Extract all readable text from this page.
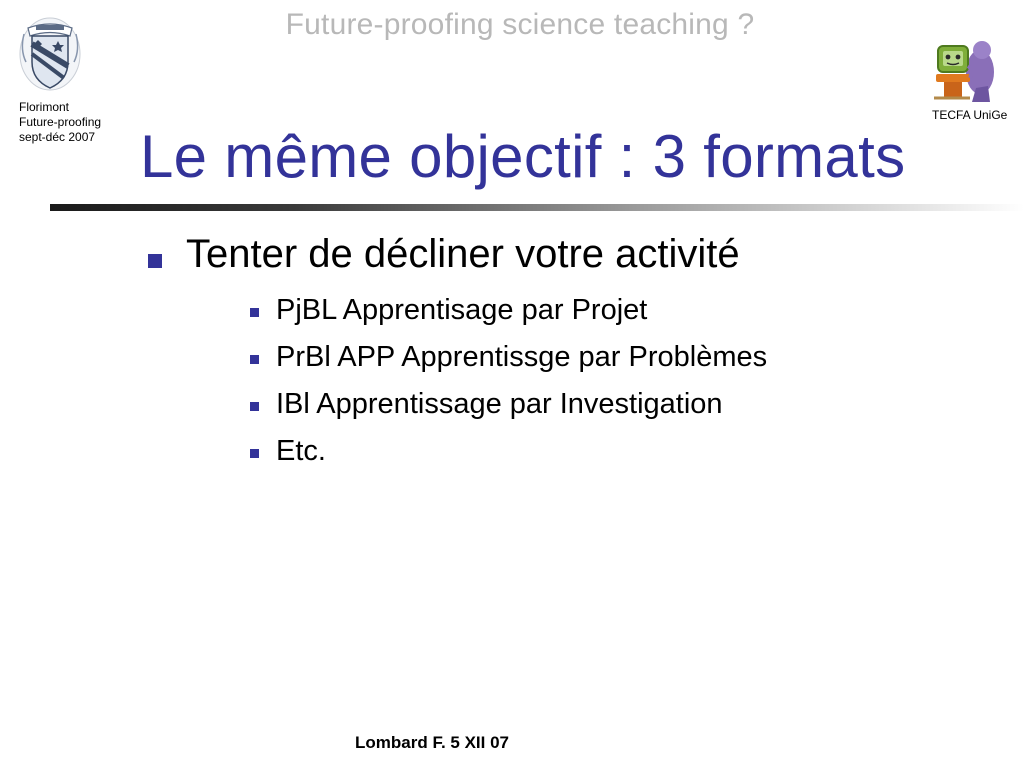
Future-proofing science teaching ?
Florimont
Future-proofing
sept-déc 2007
TECFA UniGe
Le même objectif : 3 formats
Tenter de décliner votre activité
PjBL Apprentisage par Projet
PrBl APP Apprentissge par Problèmes
IBl Apprentissage par Investigation
Etc.
Lombard F. 5 XII 07
